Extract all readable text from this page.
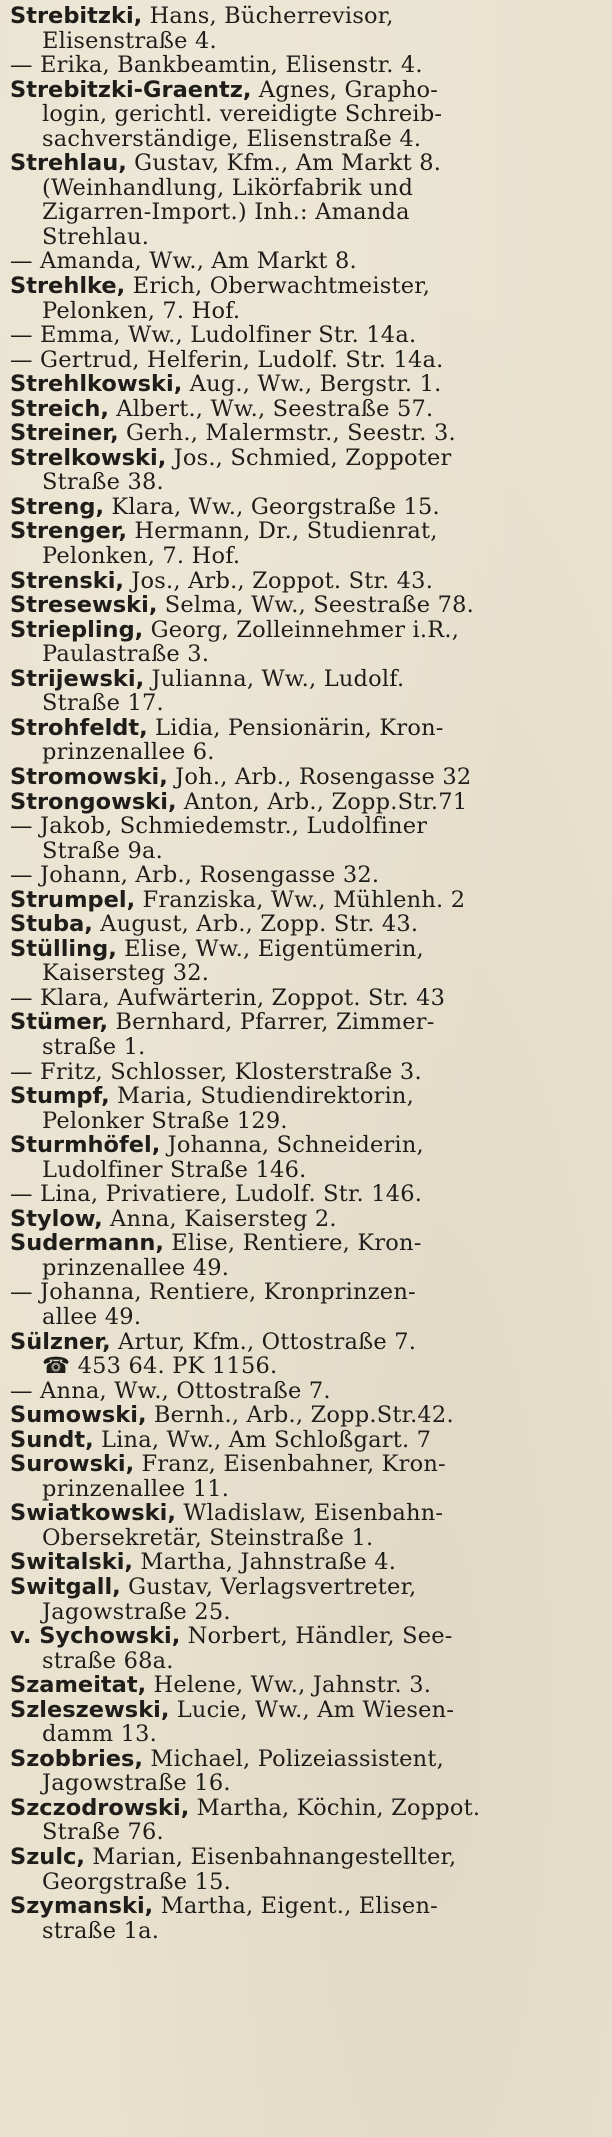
Strebitzki, Hans, Bücherrevisor,
Elisenstraße 4.
— Erika, Bankbeamtin, Elisenstr. 4.
Strebitzki-Graentz, Agnes, Grapho-
login, gerichtl. vereidigte Schreib-
sachverständige, Elisenstraße 4.
Strehlau, Gustav, Kfm., Am Markt 8.
(Weinhandlung, Likörfabrik und
Zigarren-Import.) Inh.: Amanda
Strehlau.
— Amanda, Ww., Am Markt 8.
Strehlke, Erich, Oberwachtmeister,
Pelonken, 7. Hof.
— Emma, Ww., Ludolfiner Str. 14a.
— Gertrud, Helferin, Ludolf. Str. 14a.
Strehlkowski, Aug., Ww., Bergstr. 1.
Streich, Albert., Ww., Seestraße 57.
Streiner, Gerh., Malermstr., Seestr. 3.
Strelkowski, Jos., Schmied, Zoppoter
Straße 38.
Streng, Klara, Ww., Georgstraße 15.
Strenger, Hermann, Dr., Studienrat,
Pelonken, 7. Hof.
Strenski, Jos., Arb., Zoppot. Str. 43.
Stresewski, Selma, Ww., Seestraße 78.
Striepling, Georg, Zolleinnehmer i.R.,
Paulastraße 3.
Strijewski, Julianna, Ww., Ludolf.
Straße 17.
Strohfeldt, Lidia, Pensionärin, Kron-
prinzenallee 6.
Stromowski, Joh., Arb., Rosengasse 32
Strongowski, Anton, Arb., Zopp.Str.71
— Jakob, Schmiedemstr., Ludolfiner
Straße 9a.
— Johann, Arb., Rosengasse 32.
Strumpel, Franziska, Ww., Mühlenh. 2
Stuba, August, Arb., Zopp. Str. 43.
Stülling, Elise, Ww., Eigentümerin,
Kaisersteg 32.
— Klara, Aufwärterin, Zoppot. Str. 43
Stümer, Bernhard, Pfarrer, Zimmer-
straße 1.
— Fritz, Schlosser, Klosterstraße 3.
Stumpf, Maria, Studiendirektorin,
Pelonker Straße 129.
Sturmhöfel, Johanna, Schneiderin,
Ludolfiner Straße 146.
— Lina, Privatiere, Ludolf. Str. 146.
Stylow, Anna, Kaisersteg 2.
Sudermann, Elise, Rentiere, Kron-
prinzenallee 49.
— Johanna, Rentiere, Kronprinzen-
allee 49.
Sülzner, Artur, Kfm., Ottostraße 7.
☎ 453 64. PK 1156.
— Anna, Ww., Ottostraße 7.
Sumowski, Bernh., Arb., Zopp.Str.42.
Sundt, Lina, Ww., Am Schloßgart. 7
Surowski, Franz, Eisenbahner, Kron-
prinzenallee 11.
Swiatkowski, Wladislaw, Eisenbahn-
Obersekretär, Steinstraße 1.
Switalski, Martha, Jahnstraße 4.
Switgall, Gustav, Verlagsvertreter,
Jagowstraße 25.
v. Sychowski, Norbert, Händler, See-
straße 68a.
Szameitat, Helene, Ww., Jahnstr. 3.
Szleszewski, Lucie, Ww., Am Wiesen-
damm 13.
Szobbries, Michael, Polizeiassistent,
Jagowstraße 16.
Szczodrowski, Martha, Köchin, Zoppot.
Straße 76.
Szulc, Marian, Eisenbahnangestellter,
Georgstraße 15.
Szymanski, Martha, Eigent., Elisen-
straße 1a.
